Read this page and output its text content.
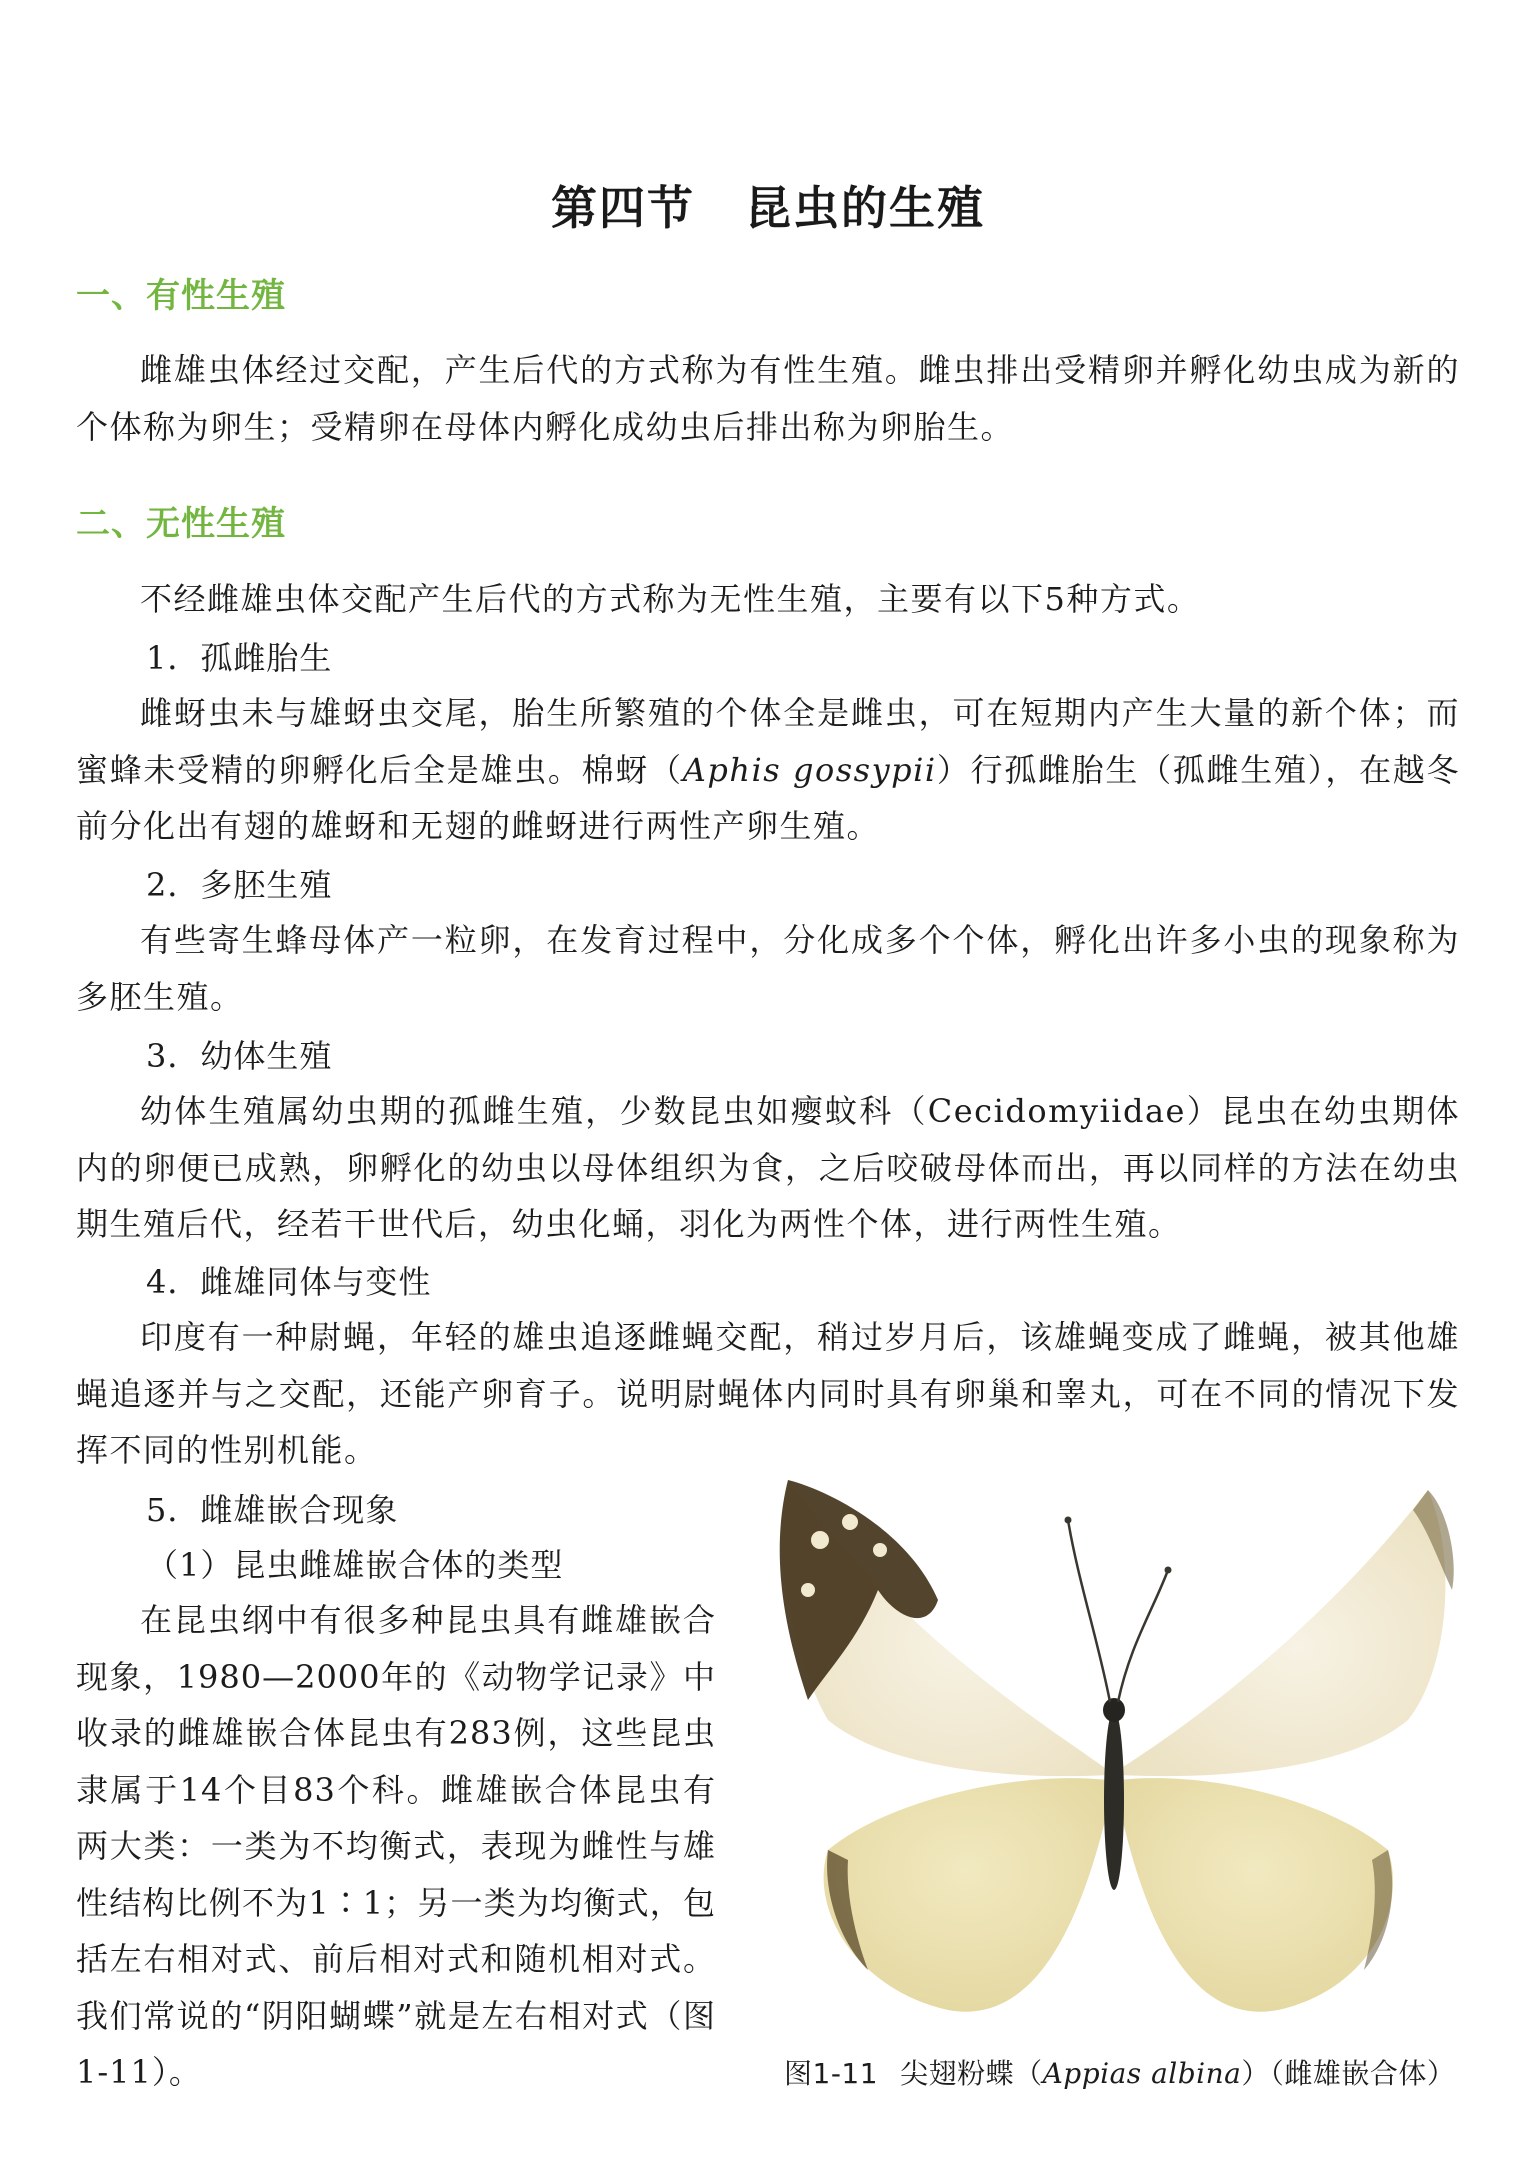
第四节 昆虫的生殖
一、有性生殖

雌雄虫体经过交配，产生后代的方式称为有性生殖。雌虫排出受精卵并孵化幼虫成为新的个体称为卵生；受精卵在母体内孵化成幼虫后排出称为卵胎生。

二、无性生殖

不经雌雄虫体交配产生后代的方式称为无性生殖，主要有以下5种方式。

1．孤雌胎生

雌蚜虫未与雄蚜虫交尾，胎生所繁殖的个体全是雌虫，可在短期内产生大量的新个体；而蜜蜂未受精的卵孵化后全是雄虫。棉蚜（Aphis gossypii）行孤雌胎生（孤雌生殖），在越冬前分化出有翅的雄蚜和无翅的雌蚜进行两性产卵生殖。

2．多胚生殖

有些寄生蜂母体产一粒卵，在发育过程中，分化成多个个体，孵化出许多小虫的现象称为多胚生殖。

3．幼体生殖

幼体生殖属幼虫期的孤雌生殖，少数昆虫如瘿蚊科（Cecidomyiidae）昆虫在幼虫期体内的卵便已成熟，卵孵化的幼虫以母体组织为食，之后咬破母体而出，再以同样的方法在幼虫期生殖后代，经若干世代后，幼虫化蛹，羽化为两性个体，进行两性生殖。

4．雌雄同体与变性

印度有一种尉蝇，年轻的雄虫追逐雌蝇交配，稍过岁月后，该雄蝇变成了雌蝇，被其他雄蝇追逐并与之交配，还能产卵育子。说明尉蝇体内同时具有卵巢和睾丸，可在不同的情况下发挥不同的性别机能。

5．雌雄嵌合现象
（1）昆虫雌雄嵌合体的类型

在昆虫纲中有很多种昆虫具有雌雄嵌合现象，1980—2000年的《动物学记录》中收录的雌雄嵌合体昆虫有283例，这些昆虫隶属于14个目83个科。雌雄嵌合体昆虫有两大类：一类为不均衡式，表现为雌性与雄性结构比例不为1∶1；另一类为均衡式，包括左右相对式、前后相对式和随机相对式。我们常说的“阴阳蝴蝶”就是左右相对式（图1-11）。	图1-11 尖翅粉蝶（Appias albina）（雌雄嵌合体）
